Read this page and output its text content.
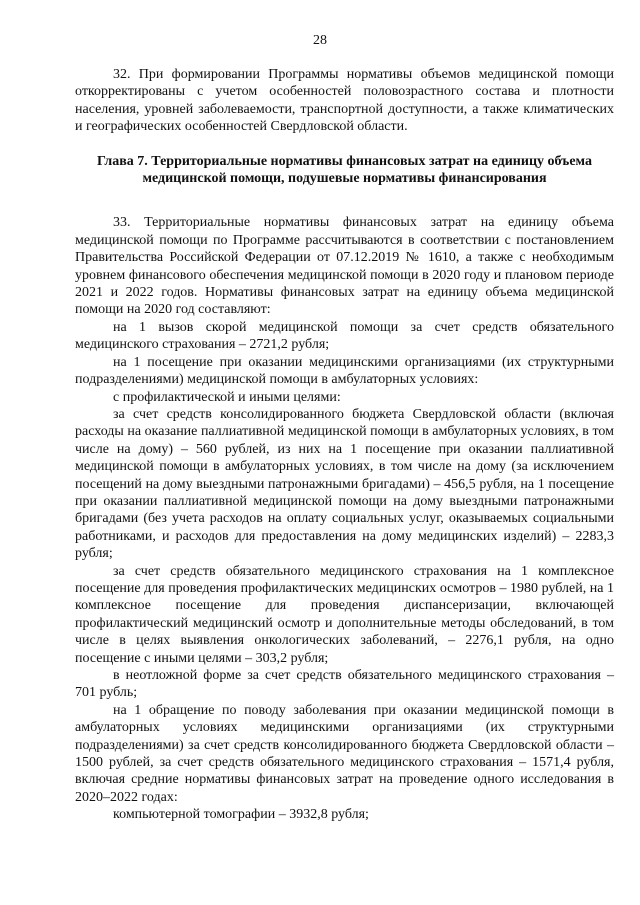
28

32. При формировании Программы нормативы объемов медицинской помощи откорректированы с учетом особенностей половозрастного состава и плотности населения, уровней заболеваемости, транспортной доступности, а также климатических и географических особенностей Свердловской области.

Глава 7. Территориальные нормативы финансовых затрат на единицу объема медицинской помощи, подушевые нормативы финансирования

33. Территориальные нормативы финансовых затрат на единицу объема медицинской помощи по Программе рассчитываются в соответствии с постановлением Правительства Российской Федерации от 07.12.2019 № 1610, а также с необходимым уровнем финансового обеспечения медицинской помощи в 2020 году и плановом периоде 2021 и 2022 годов. Нормативы финансовых затрат на единицу объема медицинской помощи на 2020 год составляют:

на 1 вызов скорой медицинской помощи за счет средств обязательного медицинского страхования – 2721,2 рубля;

на 1 посещение при оказании медицинскими организациями (их структурными подразделениями) медицинской помощи в амбулаторных условиях:

с профилактической и иными целями:

за счет средств консолидированного бюджета Свердловской области (включая расходы на оказание паллиативной медицинской помощи в амбулаторных условиях, в том числе на дому) – 560 рублей, из них на 1 посещение при оказании паллиативной медицинской помощи в амбулаторных условиях, в том числе на дому (за исключением посещений на дому выездными патронажными бригадами) – 456,5 рубля, на 1 посещение при оказании паллиативной медицинской помощи на дому выездными патронажными бригадами (без учета расходов на оплату социальных услуг, оказываемых социальными работниками, и расходов для предоставления на дому медицинских изделий) – 2283,3 рубля;

за счет средств обязательного медицинского страхования на 1 комплексное посещение для проведения профилактических медицинских осмотров – 1980 рублей, на 1 комплексное посещение для проведения диспансеризации, включающей профилактический медицинский осмотр и дополнительные методы обследований, в том числе в целях выявления онкологических заболеваний, – 2276,1 рубля, на одно посещение с иными целями – 303,2 рубля;

в неотложной форме за счет средств обязательного медицинского страхования – 701 рубль;

на 1 обращение по поводу заболевания при оказании медицинской помощи в амбулаторных условиях медицинскими организациями (их структурными подразделениями) за счет средств консолидированного бюджета Свердловской области – 1500 рублей, за счет средств обязательного медицинского страхования – 1571,4 рубля, включая средние нормативы финансовых затрат на проведение одного исследования в 2020–2022 годах:

компьютерной томографии – 3932,8 рубля;
